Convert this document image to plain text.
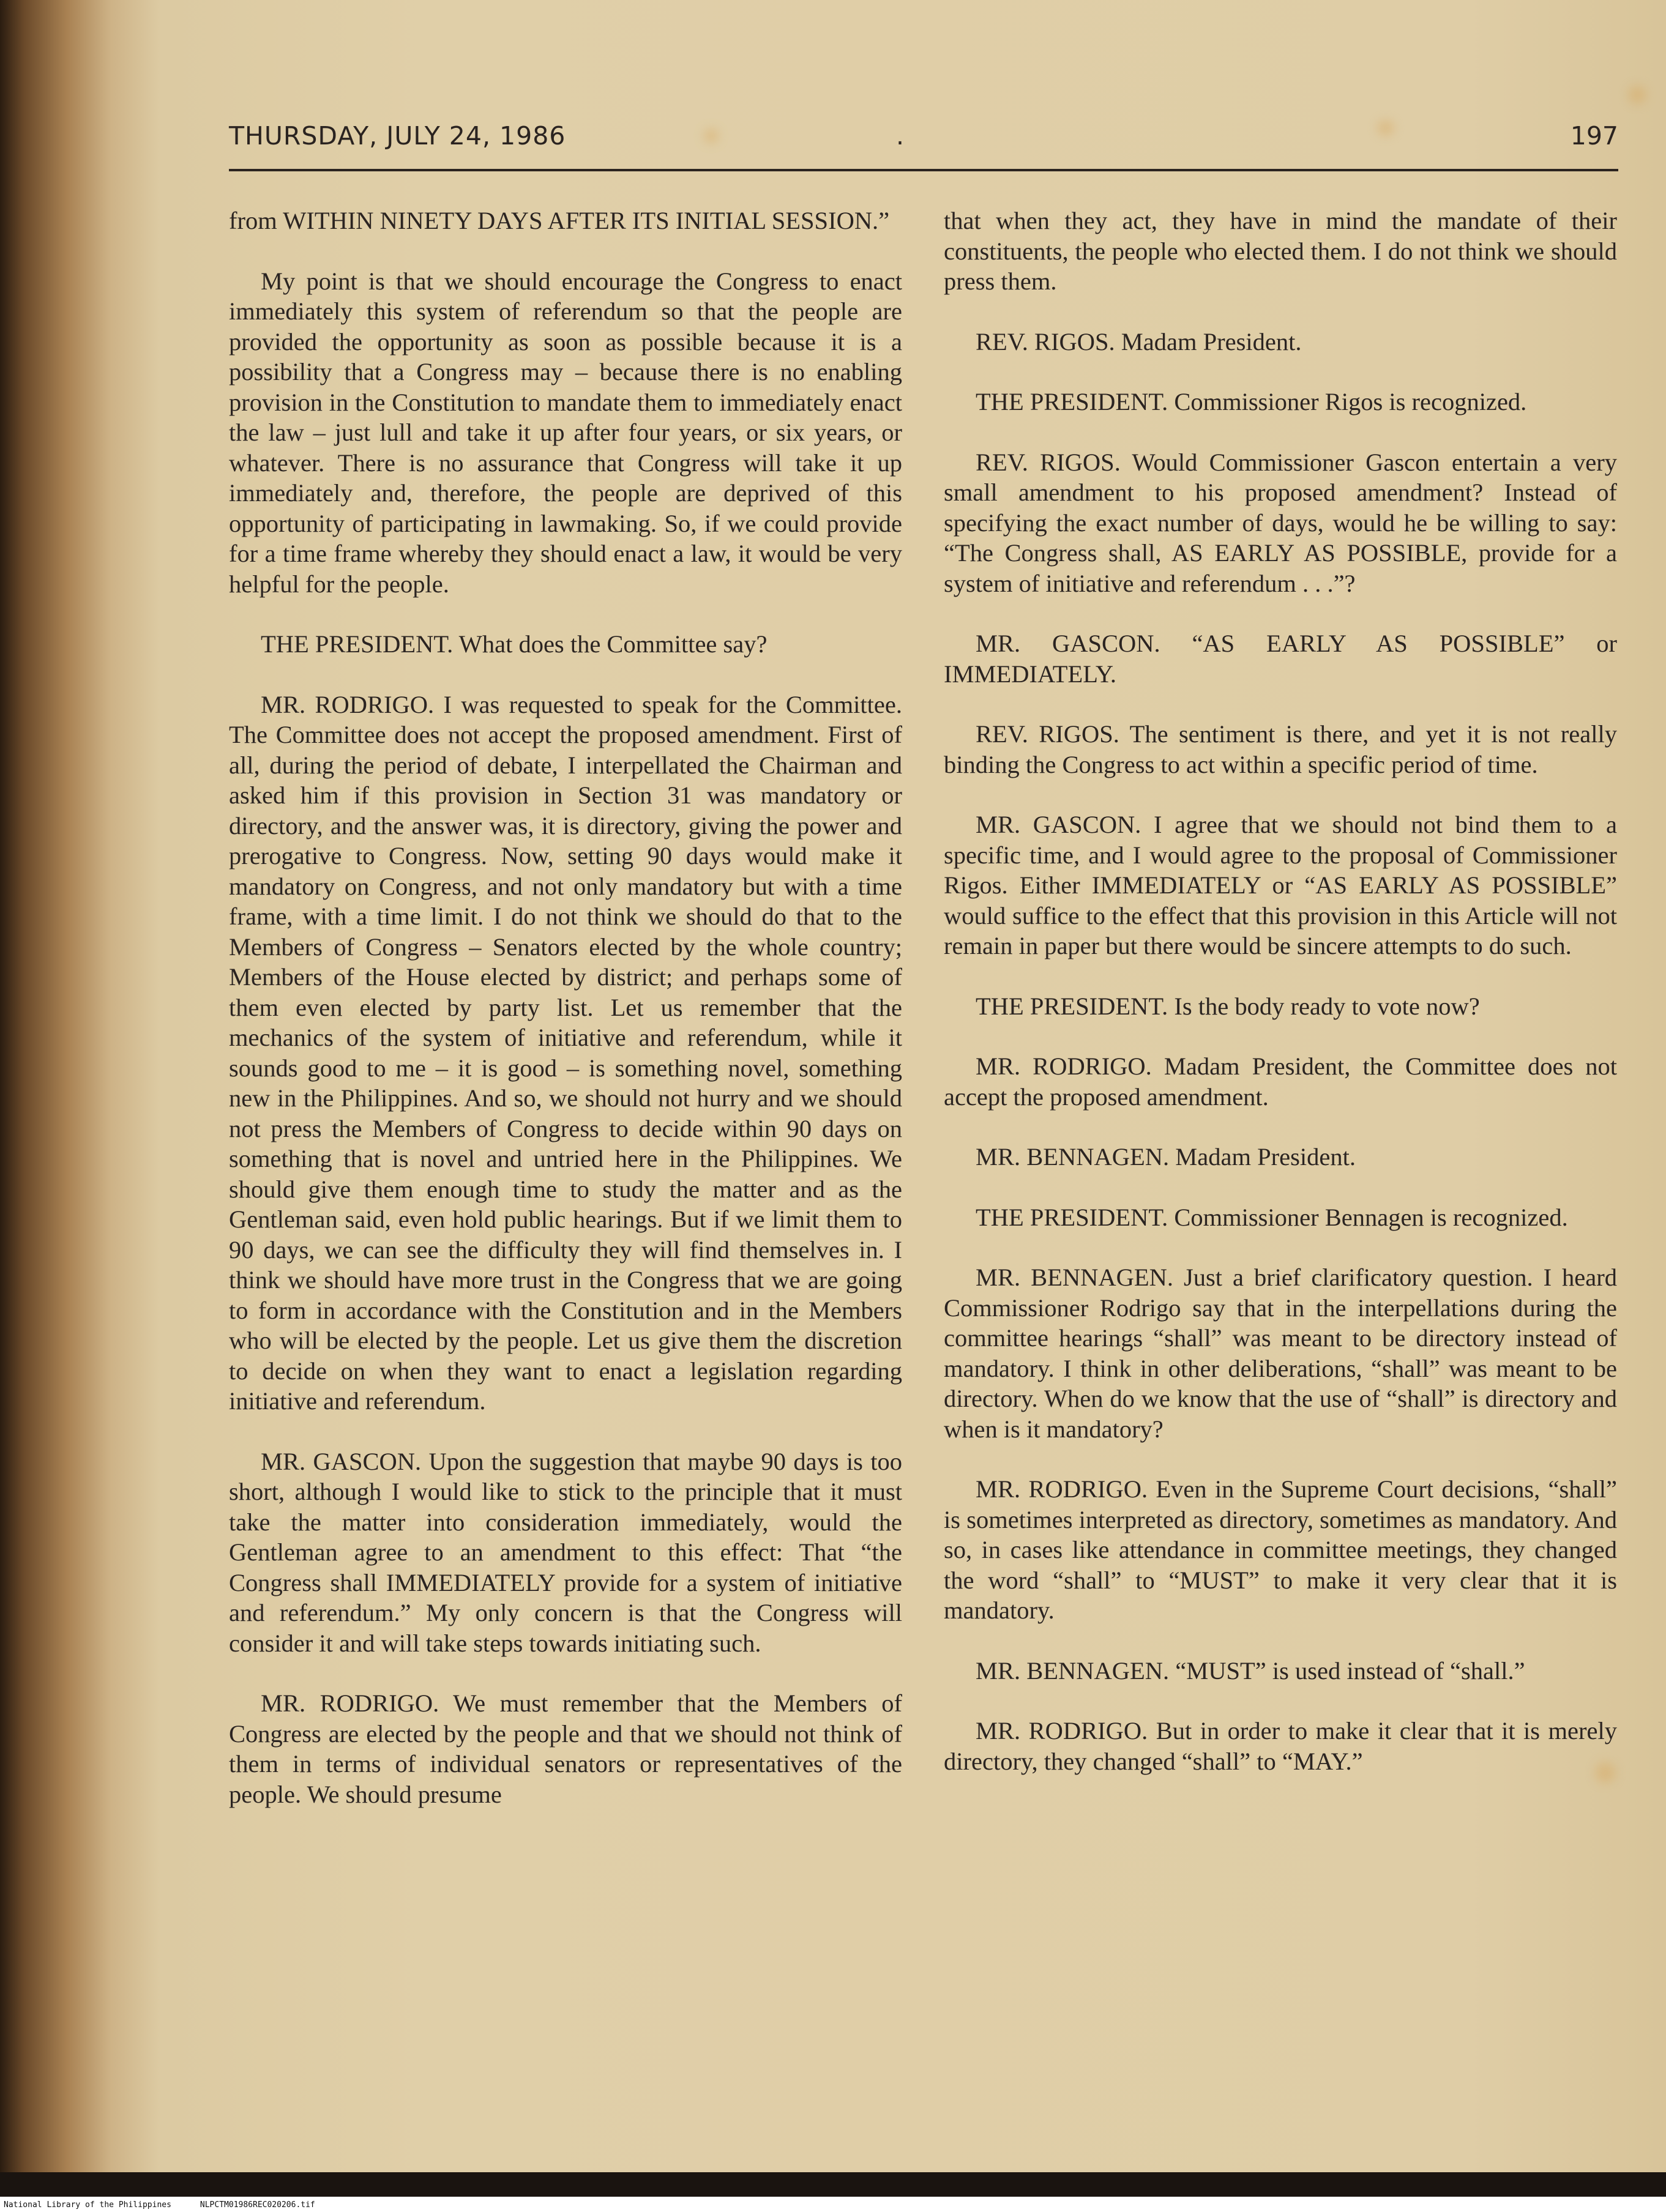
THURSDAY, JULY 24, 1986	.	197

from WITHIN NINETY DAYS AFTER ITS INITIAL SESSION.”

My point is that we should encourage the Congress to enact immediately this system of referendum so that the people are provided the opportunity as soon as possible because it is a possibility that a Congress may – because there is no enabling provision in the Constitution to mandate them to immediately enact the law – just lull and take it up after four years, or six years, or whatever. There is no assurance that Congress will take it up immediately and, therefore, the people are deprived of this opportunity of participating in lawmaking. So, if we could provide for a time frame whereby they should enact a law, it would be very helpful for the people.

THE PRESIDENT. What does the Committee say?

MR. RODRIGO. I was requested to speak for the Committee. The Committee does not accept the proposed amendment. First of all, during the period of debate, I interpellated the Chairman and asked him if this provision in Section 31 was mandatory or directory, and the answer was, it is directory, giving the power and prerogative to Congress. Now, setting 90 days would make it mandatory on Congress, and not only mandatory but with a time frame, with a time limit. I do not think we should do that to the Members of Congress – Senators elected by the whole country; Members of the House elected by district; and perhaps some of them even elected by party list. Let us remember that the mechanics of the system of initiative and referendum, while it sounds good to me – it is good – is something novel, something new in the Philippines. And so, we should not hurry and we should not press the Members of Congress to decide within 90 days on something that is novel and untried here in the Philippines. We should give them enough time to study the matter and as the Gentleman said, even hold public hearings. But if we limit them to 90 days, we can see the difficulty they will find themselves in. I think we should have more trust in the Congress that we are going to form in accordance with the Constitution and in the Members who will be elected by the people. Let us give them the discretion to decide on when they want to enact a legislation regarding initiative and referendum.

MR. GASCON. Upon the suggestion that maybe 90 days is too short, although I would like to stick to the principle that it must take the matter into consideration immediately, would the Gentleman agree to an amendment to this effect: That “the Congress shall IMMEDIATELY provide for a system of initiative and referendum.” My only concern is that the Congress will consider it and will take steps towards initiating such.

MR. RODRIGO. We must remember that the Members of Congress are elected by the people and that we should not think of them in terms of individual senators or representatives of the people. We should presume

that when they act, they have in mind the mandate of their constituents, the people who elected them. I do not think we should press them.

REV. RIGOS. Madam President.

THE PRESIDENT. Commissioner Rigos is recognized.

REV. RIGOS. Would Commissioner Gascon entertain a very small amendment to his proposed amendment? Instead of specifying the exact number of days, would he be willing to say: “The Congress shall, AS EARLY AS POSSIBLE, provide for a system of initiative and referendum . . .”?

MR. GASCON. “AS EARLY AS POSSIBLE” or IMMEDIATELY.

REV. RIGOS. The sentiment is there, and yet it is not really binding the Congress to act within a specific period of time.

MR. GASCON. I agree that we should not bind them to a specific time, and I would agree to the proposal of Commissioner Rigos. Either IMMEDIATELY or “AS EARLY AS POSSIBLE” would suffice to the effect that this provision in this Article will not remain in paper but there would be sincere attempts to do such.

THE PRESIDENT. Is the body ready to vote now?

MR. RODRIGO. Madam President, the Committee does not accept the proposed amendment.

MR. BENNAGEN. Madam President.

THE PRESIDENT. Commissioner Bennagen is recognized.

MR. BENNAGEN. Just a brief clarificatory question. I heard Commissioner Rodrigo say that in the interpellations during the committee hearings “shall” was meant to be directory instead of mandatory. I think in other deliberations, “shall” was meant to be directory. When do we know that the use of “shall” is directory and when is it mandatory?

MR. RODRIGO. Even in the Supreme Court decisions, “shall” is sometimes interpreted as directory, sometimes as mandatory. And so, in cases like attendance in committee meetings, they changed the word “shall” to “MUST” to make it very clear that it is mandatory.

MR. BENNAGEN. “MUST” is used instead of “shall.”

MR. RODRIGO. But in order to make it clear that it is merely directory, they changed “shall” to “MAY.”

National Library of the Philippines	NLPCTM01986REC020206.tif
